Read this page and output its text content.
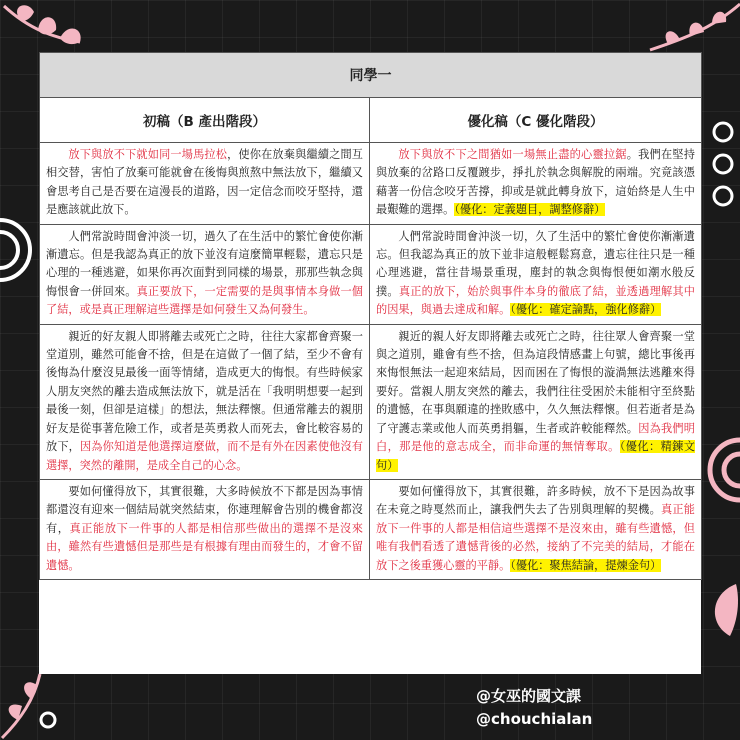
同學一	
初稿（B 產出階段）	優化稿（C 優化階段）
放下與放不下就如同一場馬拉松，使你在放棄與繼續之間互相交替，害怕了放棄可能就會在後悔與煎熬中無法放下，繼續又會思考自己是否要在這漫長的道路，因一定信念而咬牙堅持，還是應該就此放下。	放下與放不下之間猶如一場無止盡的心靈拉鋸。我們在堅持與放棄的岔路口反覆踱步，掙扎於執念與解脫的兩端。究竟該憑藉著一份信念咬牙苦撐，抑或是就此轉身放下，這始終是人生中最艱難的選擇。（優化：定義題目，調整修辭）
人們常說時間會沖淡一切，過久了在生活中的繁忙會使你漸漸遺忘。但是我認為真正的放下並沒有這麼簡單輕鬆，遺忘只是心理的一種逃避，如果你再次面對到同樣的場景，那那些執念與悔恨會一併回來。真正要放下，一定需要的是與事情本身做一個了結，或是真正理解這些選擇是如何發生又為何發生。	人們常說時間會沖淡一切，久了生活中的繁忙會使你漸漸遺忘。但我認為真正的放下並非這般輕鬆寫意，遺忘往往只是一種心理逃避，當往昔場景重現，塵封的執念與悔恨便如潮水般反撲。真正的放下，始於與事件本身的徹底了結，並透過理解其中的因果，與過去達成和解。（優化：確定論點，強化修辭）
親近的好友親人即將離去或死亡之時，往往大家都會齊聚一堂道別，雖然可能會不捨，但是在這做了一個了結，至少不會有後悔為什麼沒見最後一面等情緒，造成更大的悔恨。有些時候家人朋友突然的離去造成無法放下，就是活在「我明明想要一起到最後一刻，但卻是這樣」的想法，無法釋懷。但通常離去的親朋好友是從事著危險工作，或者是英勇救人而死去，會比較容易的放下，因為你知道是他選擇這麼做，而不是有外在因素使他沒有選擇，突然的離開，是成全自己的心念。	親近的親人好友即將離去或死亡之時，往往眾人會齊聚一堂與之道別，雖會有些不捨，但為這段情感畫上句號，總比事後再來悔恨無法一起迎來結局，因而困在了悔恨的漩渦無法逃離來得要好。當親人朋友突然的離去，我們往往受困於未能相守至終點的遺憾，在事與願違的挫敗感中，久久無法釋懷。但若逝者是為了守護志業或他人而英勇捐軀，生者或許較能釋然。因為我們明白，那是他的意志成全，而非命運的無情奪取。（優化：精鍊文句）
要如何懂得放下，其實很難，大多時候放不下都是因為事情都還沒有迎來一個結局就突然結束，你連理解會告別的機會都沒有，真正能放下一件事的人都是相信那些做出的選擇不是沒來由，雖然有些遺憾但是那些是有根據有理由而發生的，才會不留遺憾。	要如何懂得放下，其實很難，許多時候，放不下是因為故事在未竟之時戛然而止，讓我們失去了告別與理解的契機。真正能放下一件事的人都是相信這些選擇不是沒來由，雖有些遺憾，但唯有我們看透了遺憾背後的必然，接納了不完美的結局，才能在放下之後重獲心靈的平靜。（優化：聚焦結論，提煉金句）
@女巫的國文課
@chouchialan
